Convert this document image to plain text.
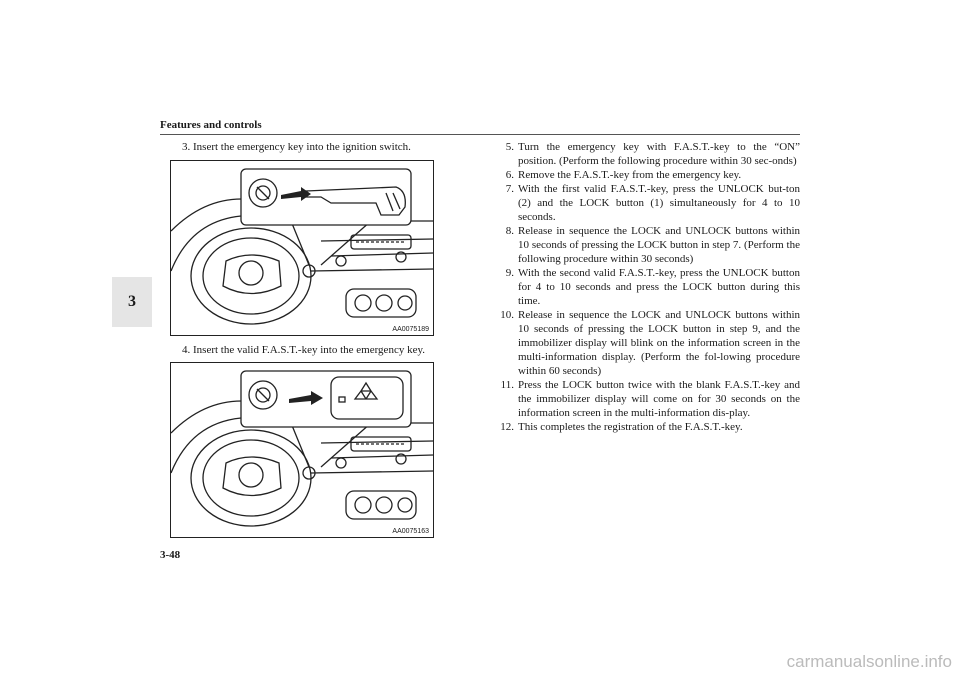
Features and controls
3
3. Insert the emergency key into the ignition switch.
AA0075189
4. Insert the valid F.A.S.T.-key into the emergency key.
AA0075163
5. Turn the emergency key with F.A.S.T.-key to the “ON” position. (Perform the following procedure within 30 sec-onds)
6. Remove the F.A.S.T.-key from the emergency key.
7. With the first valid F.A.S.T.-key, press the UNLOCK but-ton (2) and the LOCK button (1) simultaneously for 4 to 10 seconds.
8. Release in sequence the LOCK and UNLOCK buttons within 10 seconds of pressing the LOCK button in step 7. (Perform the following procedure within 30 seconds)
9. With the second valid F.A.S.T.-key, press the UNLOCK button for 4 to 10 seconds and press the LOCK button during this time.
10. Release in sequence the LOCK and UNLOCK buttons within 10 seconds of pressing the LOCK button in step 9, and the immobilizer display will blink on the information screen in the multi-information display. (Perform the fol-lowing procedure within 60 seconds)
11. Press the LOCK button twice with the blank F.A.S.T.-key and the immobilizer display will come on for 30 seconds on the information screen in the multi-information dis-play.
12. This completes the registration of the F.A.S.T.-key.
3-48
carmanualsonline.info
